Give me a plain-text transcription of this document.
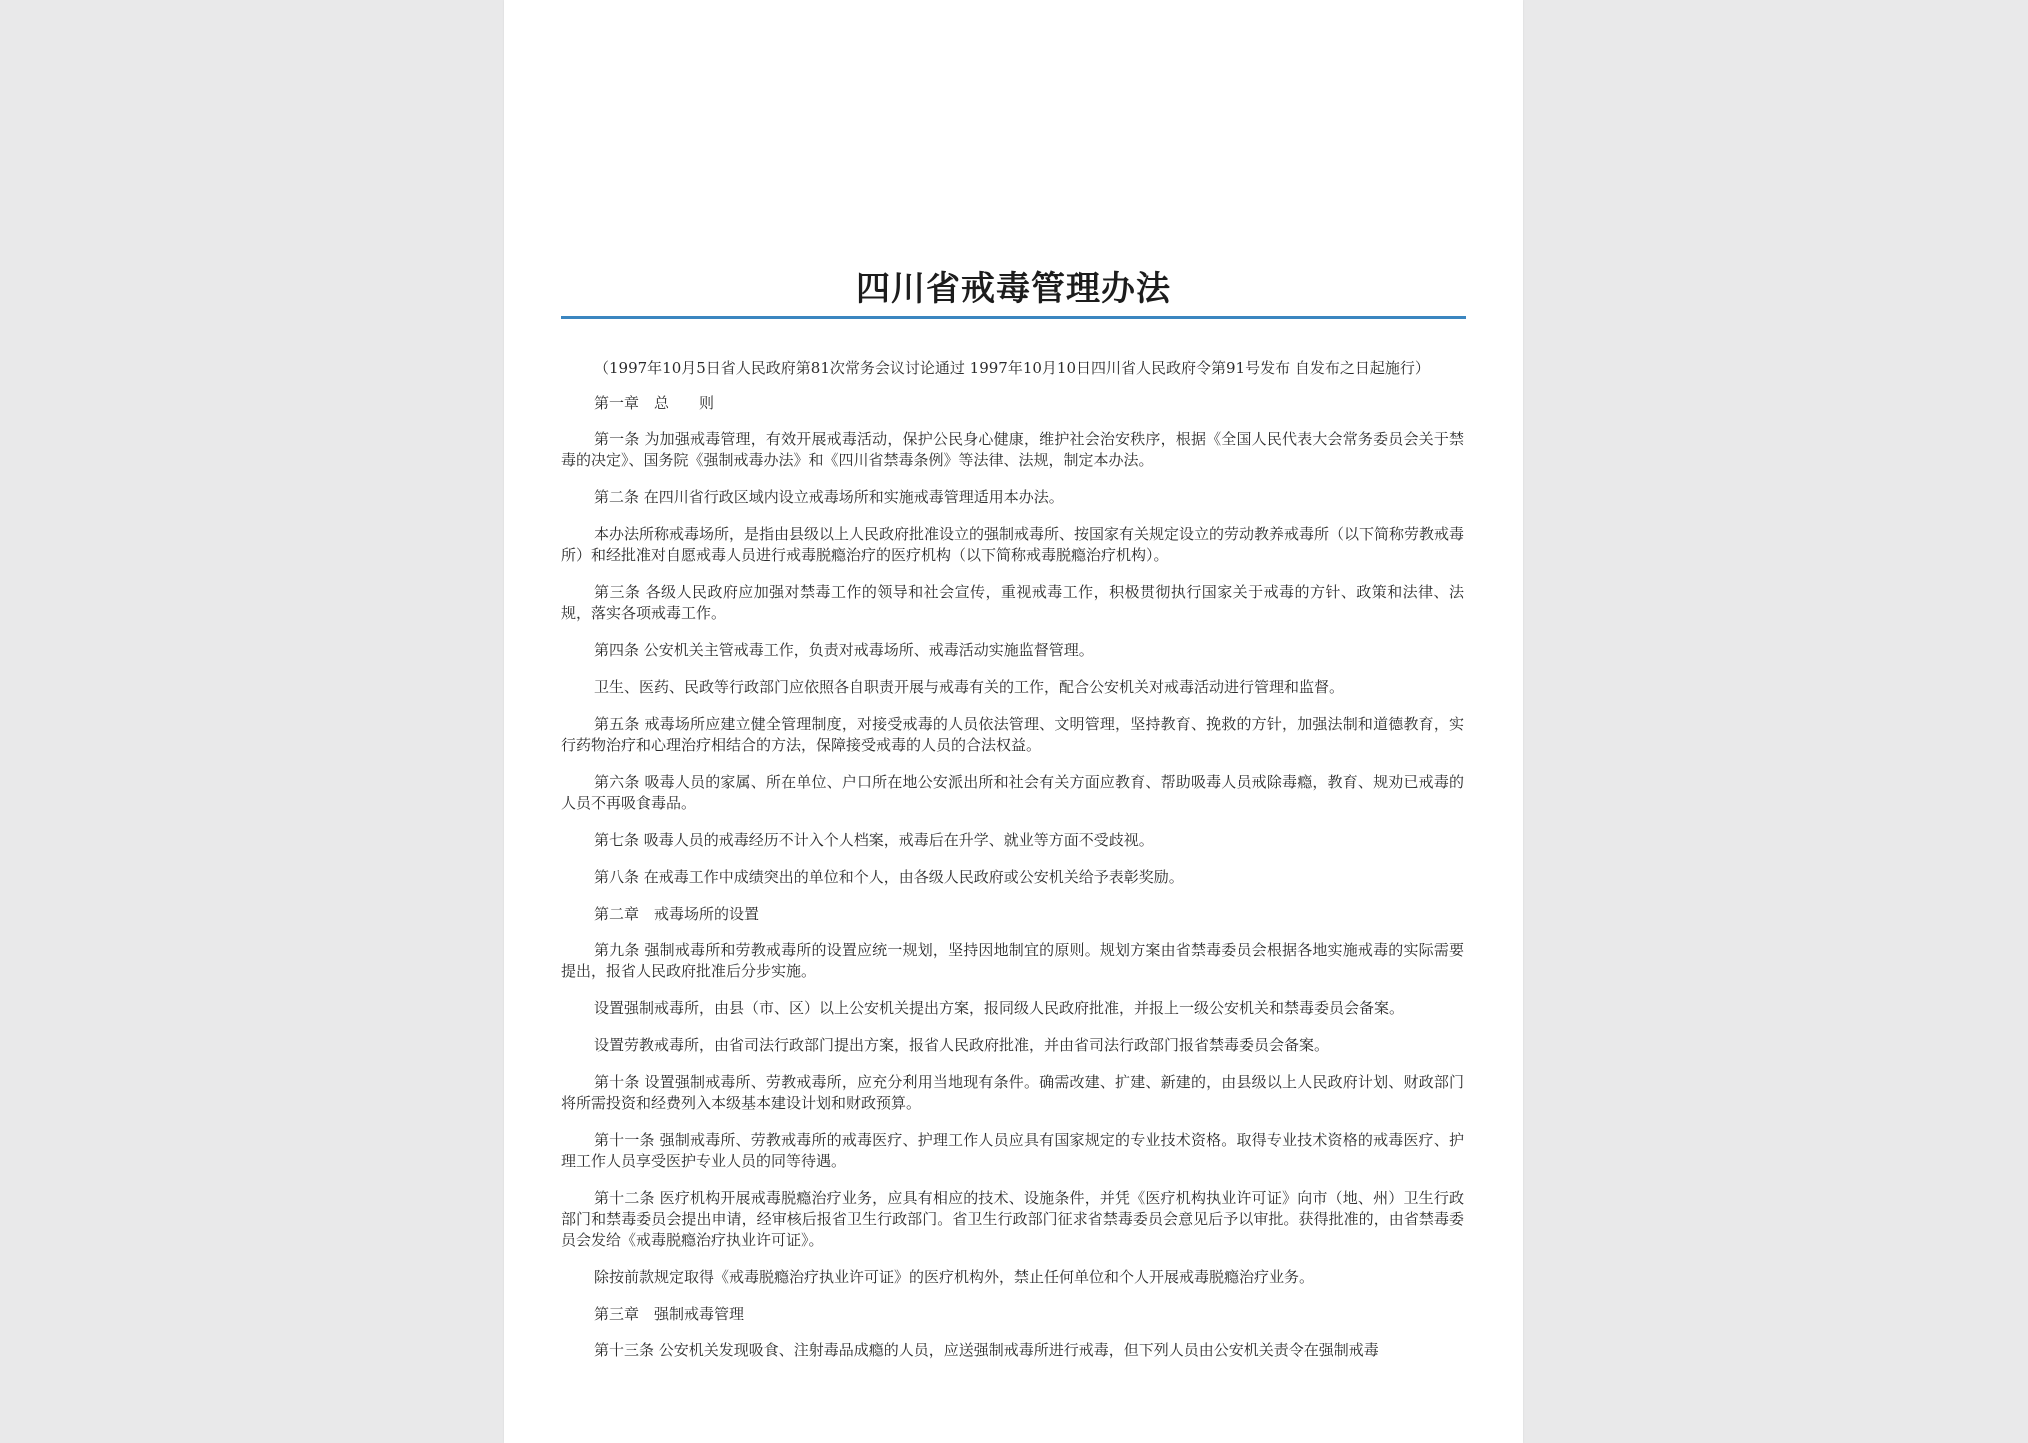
四川省戒毒管理办法

（1997年10月5日省人民政府第81次常务会议讨论通过 1997年10月10日四川省人民政府令第91号发布 自发布之日起施行）

第一章　总　　则

第一条 为加强戒毒管理，有效开展戒毒活动，保护公民身心健康，维护社会治安秩序，根据《全国人民代表大会常务委员会关于禁毒的决定》、国务院《强制戒毒办法》和《四川省禁毒条例》等法律、法规，制定本办法。

第二条 在四川省行政区域内设立戒毒场所和实施戒毒管理适用本办法。

本办法所称戒毒场所，是指由县级以上人民政府批准设立的强制戒毒所、按国家有关规定设立的劳动教养戒毒所（以下简称劳教戒毒所）和经批准对自愿戒毒人员进行戒毒脱瘾治疗的医疗机构（以下简称戒毒脱瘾治疗机构）。

第三条 各级人民政府应加强对禁毒工作的领导和社会宣传，重视戒毒工作，积极贯彻执行国家关于戒毒的方针、政策和法律、法规，落实各项戒毒工作。

第四条 公安机关主管戒毒工作，负责对戒毒场所、戒毒活动实施监督管理。

卫生、医药、民政等行政部门应依照各自职责开展与戒毒有关的工作，配合公安机关对戒毒活动进行管理和监督。

第五条 戒毒场所应建立健全管理制度，对接受戒毒的人员依法管理、文明管理，坚持教育、挽救的方针，加强法制和道德教育，实行药物治疗和心理治疗相结合的方法，保障接受戒毒的人员的合法权益。

第六条 吸毒人员的家属、所在单位、户口所在地公安派出所和社会有关方面应教育、帮助吸毒人员戒除毒瘾，教育、规劝已戒毒的人员不再吸食毒品。

第七条 吸毒人员的戒毒经历不计入个人档案，戒毒后在升学、就业等方面不受歧视。

第八条 在戒毒工作中成绩突出的单位和个人，由各级人民政府或公安机关给予表彰奖励。

第二章　戒毒场所的设置

第九条 强制戒毒所和劳教戒毒所的设置应统一规划，坚持因地制宜的原则。规划方案由省禁毒委员会根据各地实施戒毒的实际需要提出，报省人民政府批准后分步实施。

设置强制戒毒所，由县（市、区）以上公安机关提出方案，报同级人民政府批准，并报上一级公安机关和禁毒委员会备案。

设置劳教戒毒所，由省司法行政部门提出方案，报省人民政府批准，并由省司法行政部门报省禁毒委员会备案。

第十条 设置强制戒毒所、劳教戒毒所，应充分利用当地现有条件。确需改建、扩建、新建的，由县级以上人民政府计划、财政部门将所需投资和经费列入本级基本建设计划和财政预算。

第十一条 强制戒毒所、劳教戒毒所的戒毒医疗、护理工作人员应具有国家规定的专业技术资格。取得专业技术资格的戒毒医疗、护理工作人员享受医护专业人员的同等待遇。

第十二条 医疗机构开展戒毒脱瘾治疗业务，应具有相应的技术、设施条件，并凭《医疗机构执业许可证》向市（地、州）卫生行政部门和禁毒委员会提出申请，经审核后报省卫生行政部门。省卫生行政部门征求省禁毒委员会意见后予以审批。获得批准的，由省禁毒委员会发给《戒毒脱瘾治疗执业许可证》。

除按前款规定取得《戒毒脱瘾治疗执业许可证》的医疗机构外，禁止任何单位和个人开展戒毒脱瘾治疗业务。

第三章　强制戒毒管理

第十三条 公安机关发现吸食、注射毒品成瘾的人员，应送强制戒毒所进行戒毒，但下列人员由公安机关责令在强制戒毒
